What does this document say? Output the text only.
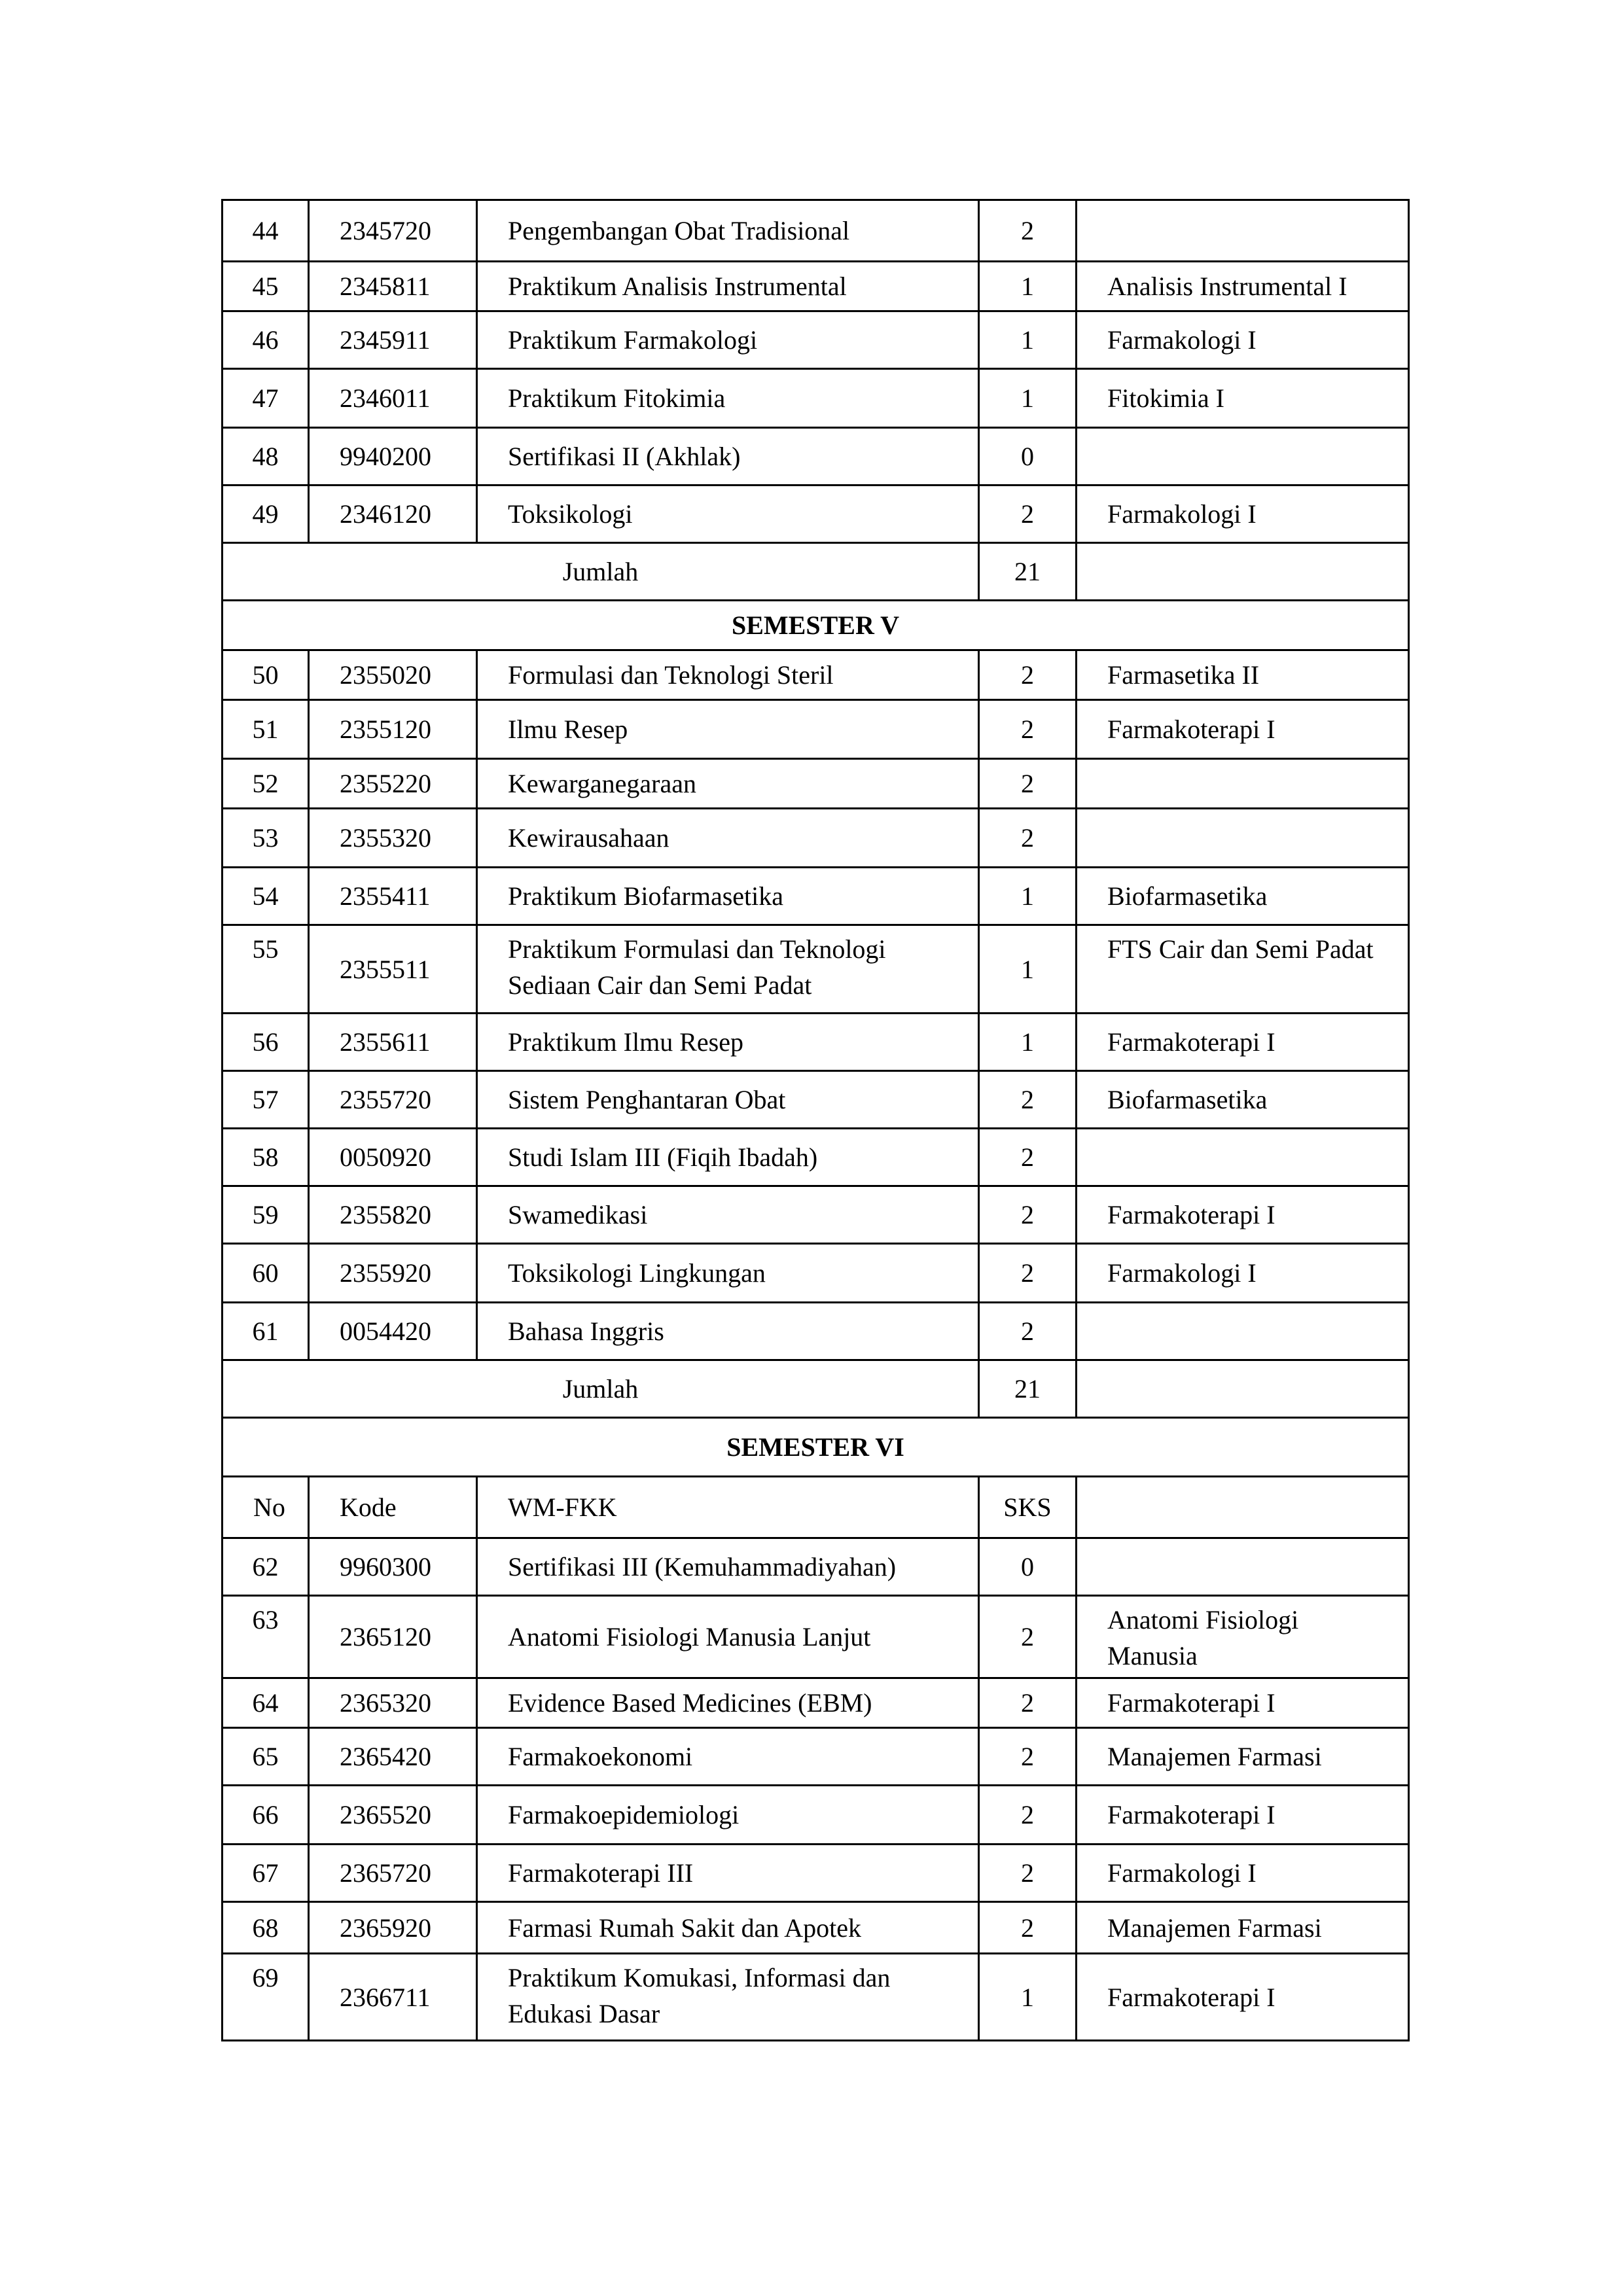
44	2345720	Pengembangan Obat Tradisional	2	
45	2345811	Praktikum Analisis Instrumental	1	Analisis Instrumental I
46	2345911	Praktikum Farmakologi	1	Farmakologi I
47	2346011	Praktikum Fitokimia	1	Fitokimia I
48	9940200	Sertifikasi II (Akhlak)	0	
49	2346120	Toksikologi	2	Farmakologi I
Jumlah			21	
SEMESTER V				
50	2355020	Formulasi dan Teknologi Steril	2	Farmasetika II
51	2355120	Ilmu Resep	2	Farmakoterapi I
52	2355220	Kewarganegaraan	2	
53	2355320	Kewirausahaan	2	
54	2355411	Praktikum Biofarmasetika	1	Biofarmasetika
55	2355511	Praktikum Formulasi dan Teknologi Sediaan Cair dan Semi Padat	1	FTS Cair dan Semi Padat
56	2355611	Praktikum Ilmu Resep	1	Farmakoterapi I
57	2355720	Sistem Penghantaran Obat	2	Biofarmasetika
58	0050920	Studi Islam III (Fiqih Ibadah)	2	
59	2355820	Swamedikasi	2	Farmakoterapi I
60	2355920	Toksikologi Lingkungan	2	Farmakologi I
61	0054420	Bahasa Inggris	2	
Jumlah			21	
SEMESTER VI				
No	Kode	WM-FKK	SKS	
62	9960300	Sertifikasi III (Kemuhammadiyahan)	0	
63	2365120	Anatomi Fisiologi Manusia Lanjut	2	Anatomi Fisiologi Manusia
64	2365320	Evidence Based Medicines (EBM)	2	Farmakoterapi I
65	2365420	Farmakoekonomi	2	Manajemen Farmasi
66	2365520	Farmakoepidemiologi	2	Farmakoterapi I
67	2365720	Farmakoterapi III	2	Farmakologi I
68	2365920	Farmasi Rumah Sakit dan Apotek	2	Manajemen Farmasi
69	2366711	Praktikum Komukasi, Informasi dan Edukasi Dasar	1	Farmakoterapi I
